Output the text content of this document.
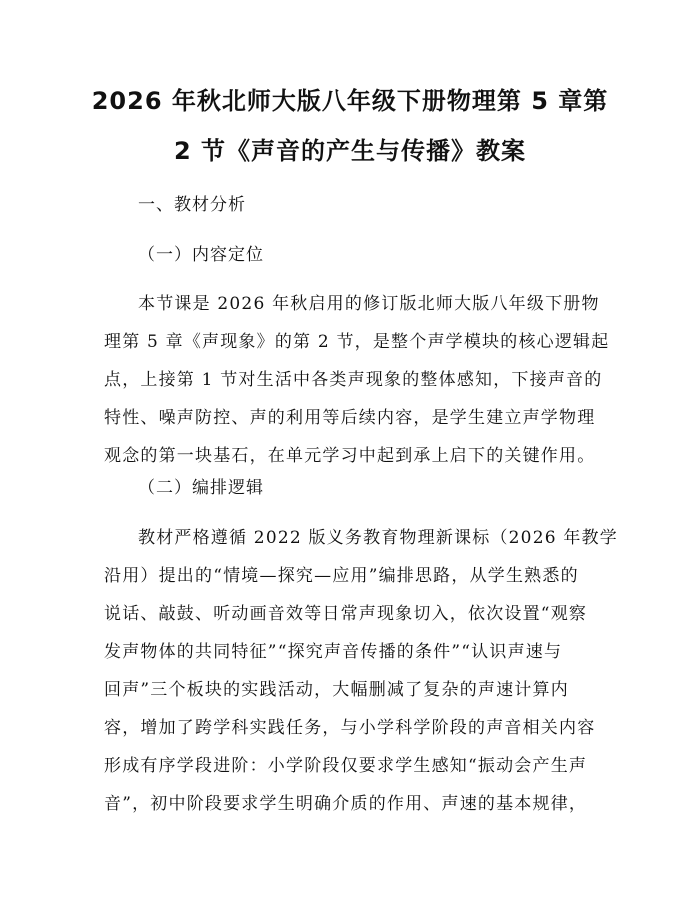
2026 年秋北师大版八年级下册物理第 5 章第
2 节《声音的产生与传播》教案
一、教材分析
（一）内容定位
本节课是 2026 年秋启用的修订版北师大版八年级下册物
理第 5 章《声现象》的第 2 节，是整个声学模块的核心逻辑起
点，上接第 1 节对生活中各类声现象的整体感知，下接声音的
特性、噪声防控、声的利用等后续内容，是学生建立声学物理
观念的第一块基石，在单元学习中起到承上启下的关键作用。
（二）编排逻辑
教材严格遵循 2022 版义务教育物理新课标（2026 年教学
沿用）提出的“情境—探究—应用”编排思路，从学生熟悉的
说话、敲鼓、听动画音效等日常声现象切入，依次设置“观察
发声物体的共同特征”“探究声音传播的条件”“认识声速与
回声”三个板块的实践活动，大幅删减了复杂的声速计算内
容，增加了跨学科实践任务，与小学科学阶段的声音相关内容
形成有序学段进阶：小学阶段仅要求学生感知“振动会产生声
音”，初中阶段要求学生明确介质的作用、声速的基本规律，
